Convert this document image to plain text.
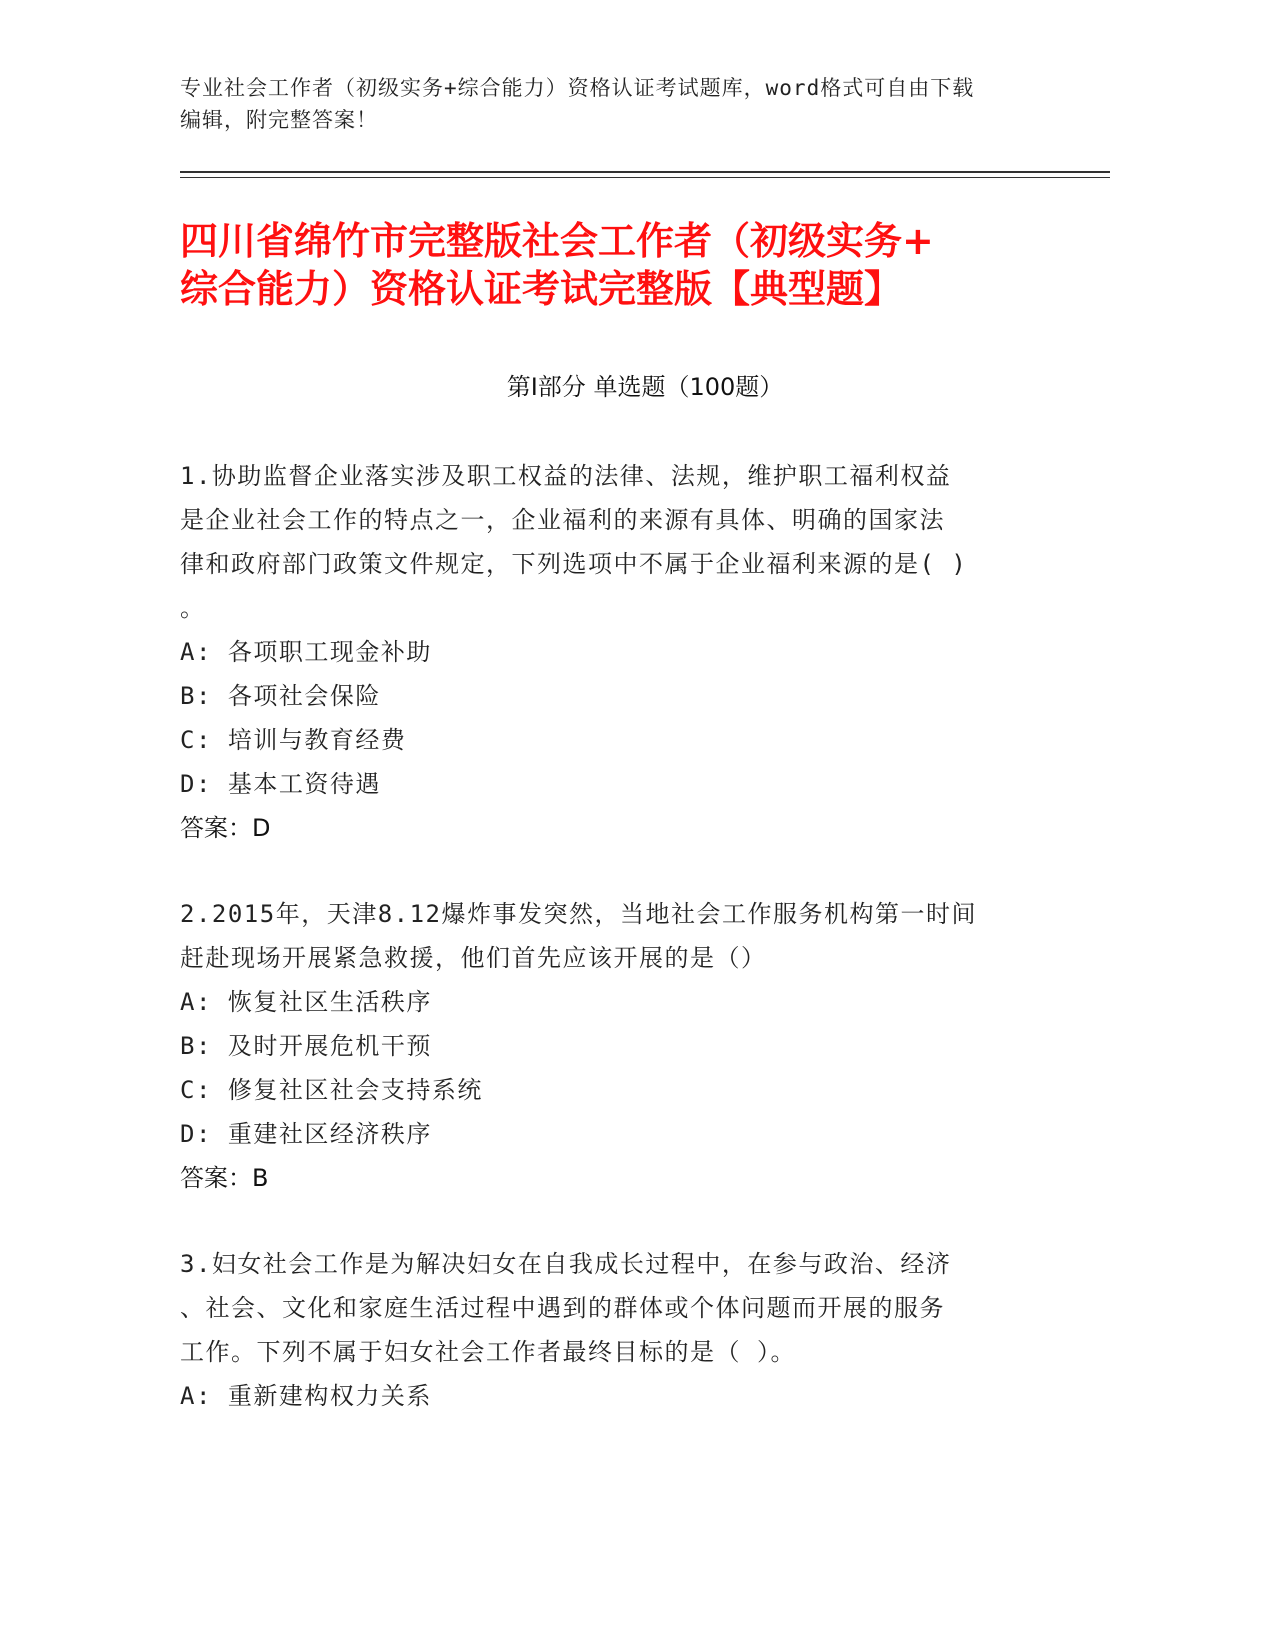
专业社会工作者（初级实务+综合能力）资格认证考试题库，word格式可自由下载
编辑，附完整答案！
四川省绵竹市完整版社会工作者（初级实务+
综合能力）资格认证考试完整版【典型题】
第Ⅰ部分 单选题（100题）
1.协助监督企业落实涉及职工权益的法律、法规，维护职工福利权益
是企业社会工作的特点之一，企业福利的来源有具体、明确的国家法
律和政府部门政策文件规定，下列选项中不属于企业福利来源的是( )
。
A: 各项职工现金补助
B: 各项社会保险
C: 培训与教育经费
D: 基本工资待遇
答案：D
2.2015年，天津8.12爆炸事发突然，当地社会工作服务机构第一时间
赶赴现场开展紧急救援，他们首先应该开展的是（）
A: 恢复社区生活秩序
B: 及时开展危机干预
C: 修复社区社会支持系统
D: 重建社区经济秩序
答案：B
3.妇女社会工作是为解决妇女在自我成长过程中，在参与政治、经济
、社会、文化和家庭生活过程中遇到的群体或个体问题而开展的服务
工作。下列不属于妇女社会工作者最终目标的是（ ）。
A: 重新建构权力关系
